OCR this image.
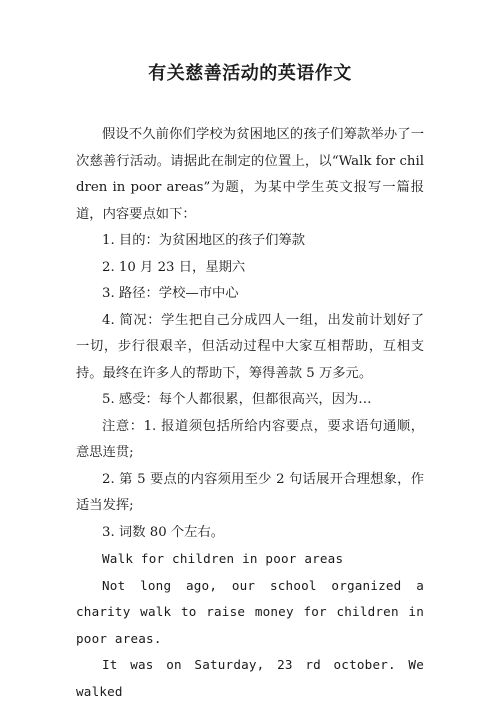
有关慈善活动的英语作文

假设不久前你们学校为贫困地区的孩子们筹款举办了一次慈善行活动。请据此在制定的位置上，以“Walk for children in poor areas”为题，为某中学生英文报写一篇报道，内容要点如下：

1. 目的：为贫困地区的孩子们筹款

2. 10 月 23 日，星期六

3. 路径：学校—市中心

4. 简况：学生把自己分成四人一组，出发前计划好了一切，步行很艰辛，但活动过程中大家互相帮助，互相支持。最终在许多人的帮助下，筹得善款 5 万多元。

5. 感受：每个人都很累，但都很高兴，因为…

注意：1. 报道须包括所给内容要点，要求语句通顺，意思连贯;

2. 第 5 要点的内容须用至少 2 句话展开合理想象，作适当发挥;

3. 词数 80 个左右。

Walk for children in poor areas

Not long ago, our school organized a charity walk to raise money for children in poor areas.

It was on Saturday, 23 rd october. We walked
